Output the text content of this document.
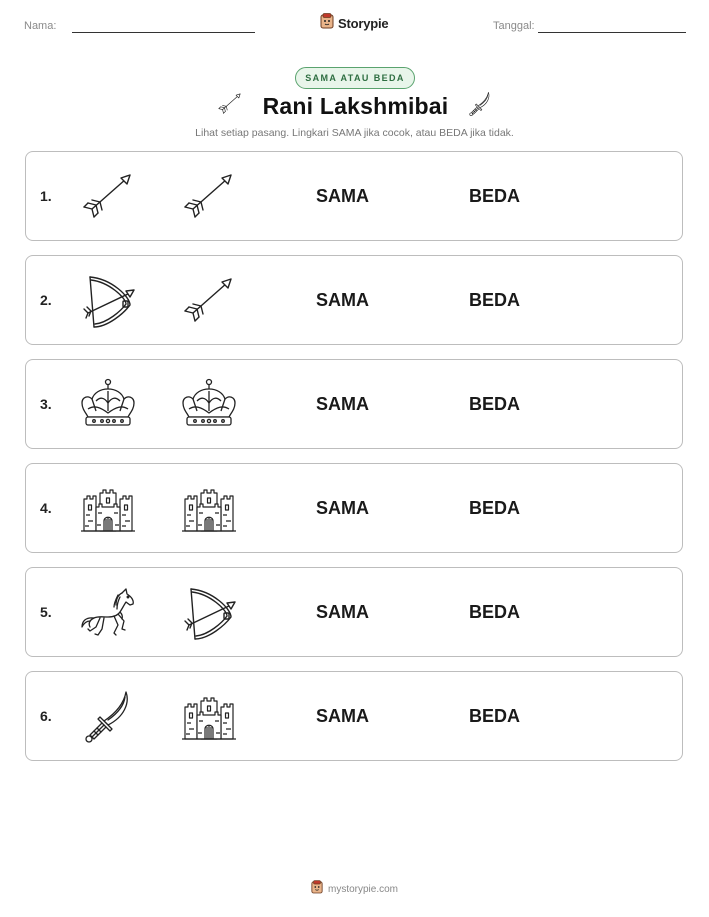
Nama:	Storypie	Tanggal:
SAMA ATAU BEDA
Rani Lakshmibai
Lihat setiap pasang. Lingkari SAMA jika cocok, atau BEDA jika tidak.
1.	SAMA	BEDA
2.	SAMA	BEDA
3.	SAMA	BEDA
4.	SAMA	BEDA
5.	SAMA	BEDA
6.	SAMA	BEDA
mystorypie.com
